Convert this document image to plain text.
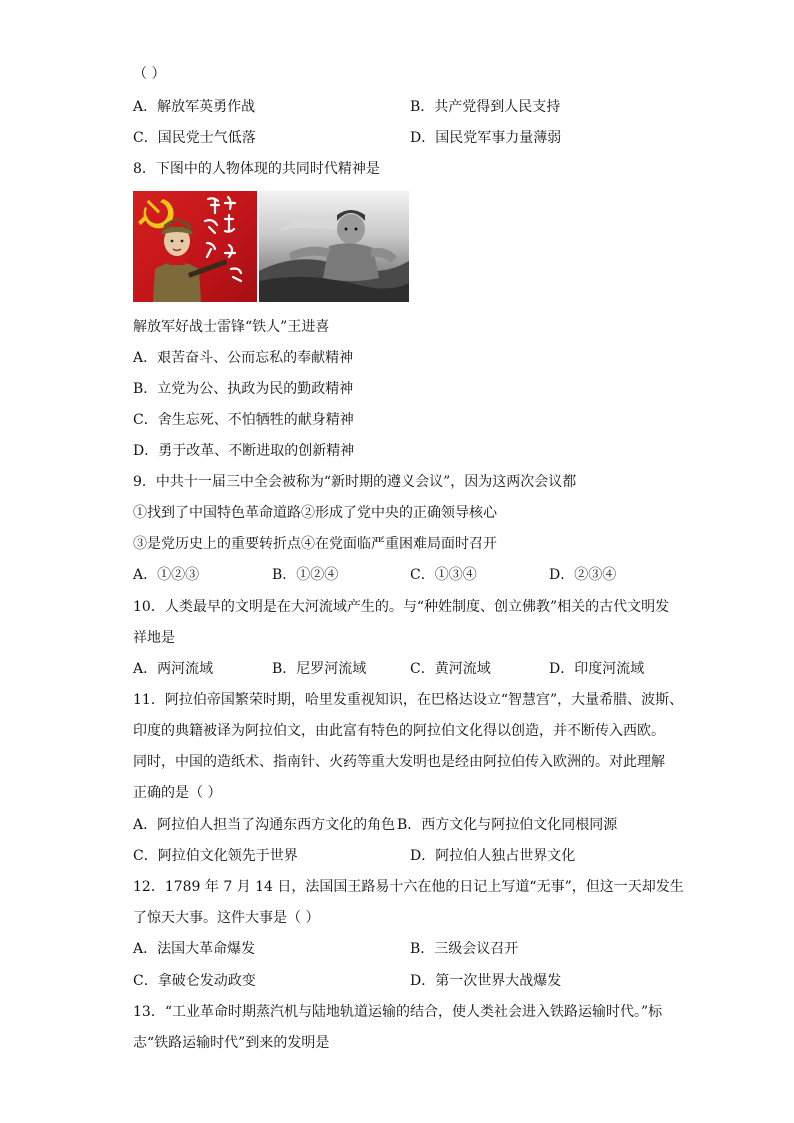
（ ）
A．解放军英勇作战	B．共产党得到人民支持
C．国民党士气低落	D．国民党军事力量薄弱
8．下图中的人物体现的共同时代精神是
解放军好战士雷锋“铁人”王进喜
A．艰苦奋斗、公而忘私的奉献精神
B．立党为公、执政为民的勤政精神
C．舍生忘死、不怕牺牲的献身精神
D．勇于改革、不断进取的创新精神
9．中共十一届三中全会被称为“新时期的遵义会议”，因为这两次会议都
①找到了中国特色革命道路②形成了党中央的正确领导核心
③是党历史上的重要转折点④在党面临严重困难局面时召开
A．①②③	B．①②④	C．①③④	D．②③④
10．人类最早的文明是在大河流域产生的。与“种姓制度、创立佛教”相关的古代文明发
祥地是
A．两河流域	B．尼罗河流域	C．黄河流域	D．印度河流域
11．阿拉伯帝国繁荣时期，哈里发重视知识，在巴格达设立“智慧宫”，大量希腊、波斯、
印度的典籍被译为阿拉伯文，由此富有特色的阿拉伯文化得以创造，并不断传入西欧。
同时，中国的造纸术、指南针、火药等重大发明也是经由阿拉伯传入欧洲的。对此理解
正确的是（ ）
A．阿拉伯人担当了沟通东西方文化的角色 B．西方文化与阿拉伯文化同根同源
C．阿拉伯文化领先于世界	D．阿拉伯人独占世界文化
12．1789 年 7 月 14 日，法国国王路易十六在他的日记上写道“无事”，但这一天却发生
了惊天大事。这件大事是（ ）
A．法国大革命爆发	B．三级会议召开
C．拿破仑发动政变	D．第一次世界大战爆发
13．“工业革命时期蒸汽机与陆地轨道运输的结合，使人类社会进入铁路运输时代。”标
志“铁路运输时代”到来的发明是
